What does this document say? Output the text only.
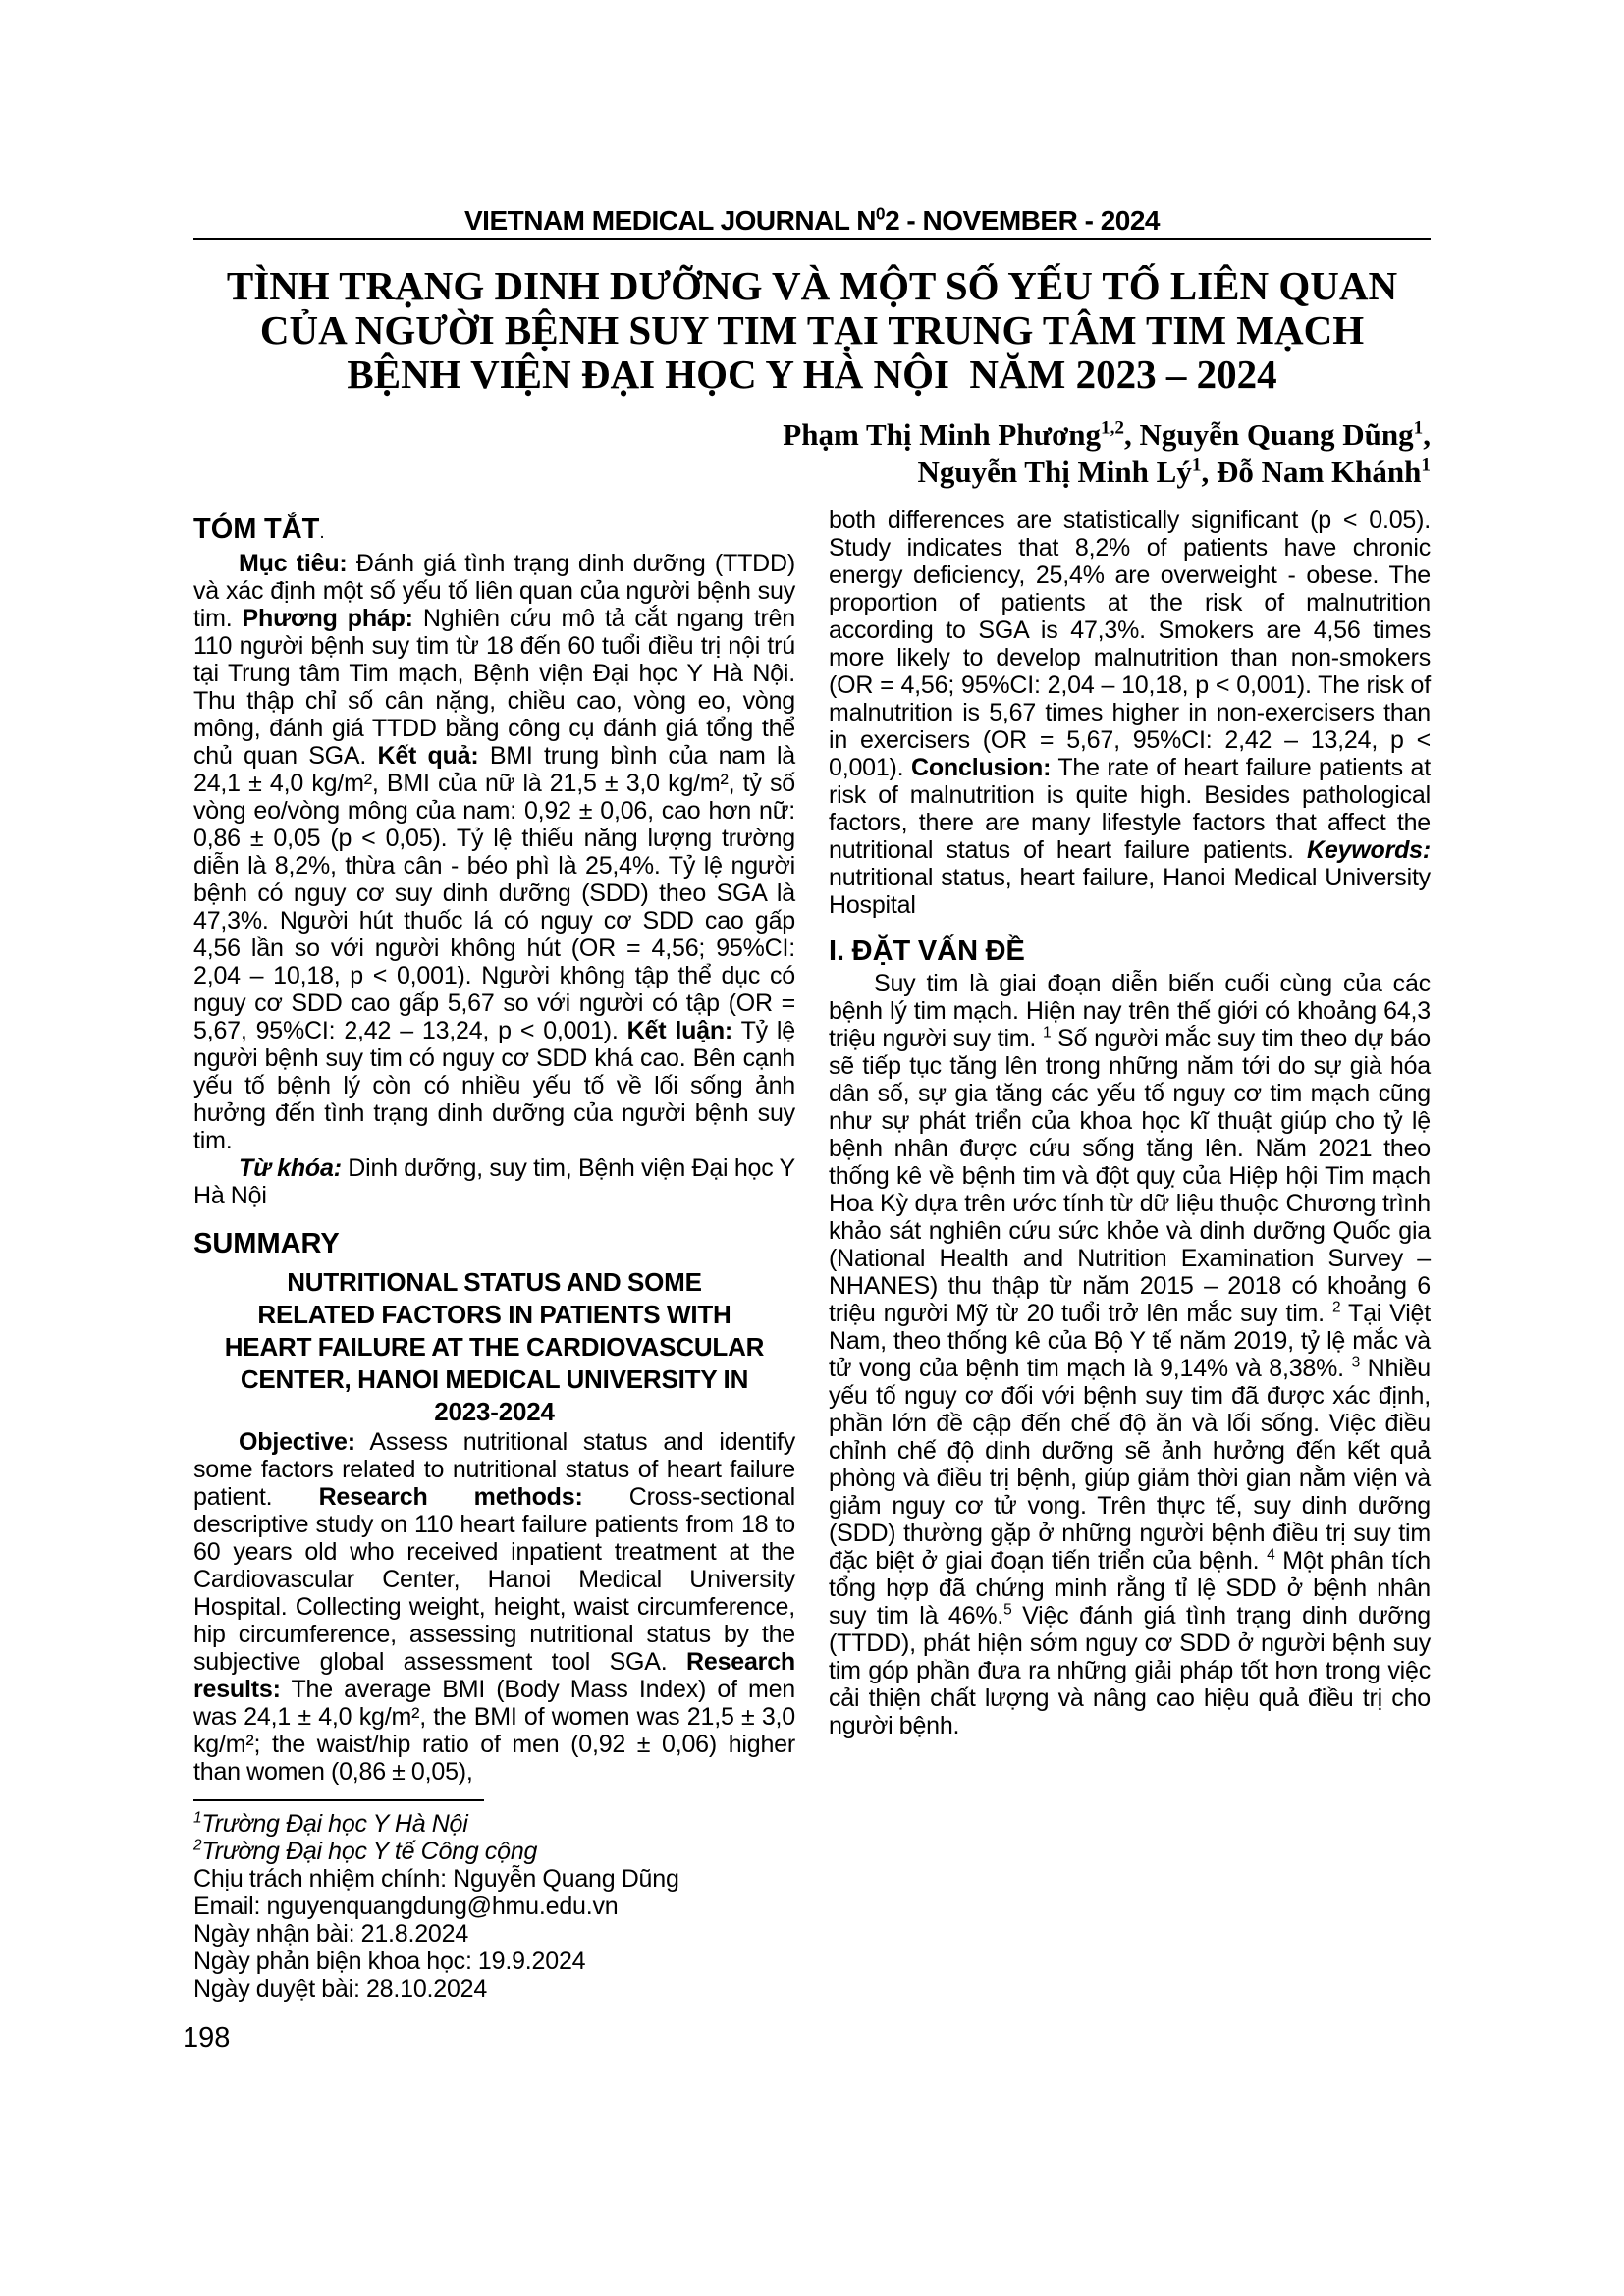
VIETNAM MEDICAL JOURNAL $N^02$ - NOVEMBER - 2024
TÌNH TRẠNG DINH DƯỠNG VÀ MỘT SỐ YẾU TỐ LIÊN QUAN
CỦA NGƯỜI BỆNH SUY TIM TẠI TRUNG TÂM TIM MẠCH
BỆNH VIỆN ĐẠI HỌC Y HÀ NỘI  NĂM 2023 – 2024
Phạm Thị Minh Phương$^{1,2}$, Nguyễn Quang Dũng$^1$,
Nguyễn Thị Minh $Lý^1$, Đỗ Nam Khánh$^1$
TÓM TẮT.

Mục tiêu: Đánh giá tình trạng dinh dưỡng (TTDD) và xác định một số yếu tố liên quan của người bệnh suy tim. Phương pháp: Nghiên cứu mô tả cắt ngang trên 110 người bệnh suy tim từ 18 đến 60 tuổi điều trị nội trú tại Trung tâm Tim mạch, Bệnh viện Đại học Y Hà Nội. Thu thập chỉ số cân nặng, chiều cao, vòng eo, vòng mông, đánh giá TTDD bằng công cụ đánh giá tổng thể chủ quan SGA. Kết quả: BMI trung bình của nam là 24,1 ± 4,0 kg/m², BMI của nữ là 21,5 ± 3,0 kg/m², tỷ số vòng eo/vòng mông của nam: 0,92 ± 0,06, cao hơn nữ: 0,86 ± 0,05 (p < 0,05). Tỷ lệ thiếu năng lượng trường diễn là 8,2%, thừa cân - béo phì là 25,4%. Tỷ lệ người bệnh có nguy cơ suy dinh dưỡng (SDD) theo SGA là 47,3%. Người hút thuốc lá có nguy cơ SDD cao gấp 4,56 lần so với người không hút (OR = 4,56; 95%CI: 2,04 – 10,18, p < 0,001). Người không tập thể dục có nguy cơ SDD cao gấp 5,67 so với người có tập (OR = 5,67, 95%CI: 2,42 – 13,24, p < 0,001). Kết luận: Tỷ lệ người bệnh suy tim có nguy cơ SDD khá cao. Bên cạnh yếu tố bệnh lý còn có nhiều yếu tố về lối sống ảnh hưởng đến tình trạng dinh dưỡng của người bệnh suy tim.

Từ khóa: Dinh dưỡng, suy tim, Bệnh viện Đại học Y Hà Nội

SUMMARY

NUTRITIONAL STATUS AND SOME
RELATED FACTORS IN PATIENTS WITH
HEART FAILURE AT THE CARDIOVASCULAR
CENTER, HANOI MEDICAL UNIVERSITY IN
2023-2024

Objective: Assess nutritional status and identify some factors related to nutritional status of heart failure patient. Research methods: Cross-sectional descriptive study on 110 heart failure patients from 18 to 60 years old who received inpatient treatment at the Cardiovascular Center, Hanoi Medical University Hospital. Collecting weight, height, waist circumference, hip circumference, assessing nutritional status by the subjective global assessment tool SGA. Research results: The average BMI (Body Mass Index) of men was 24,1 ± 4,0 kg/m², the BMI of women was 21,5 ± 3,0 kg/m²; the waist/hip ratio of men (0,92 ± 0,06) higher than women (0,86 ± 0,05),

$^1$Trường Đại học Y Hà Nội

$^2$Trường Đại học Y tế Công cộng

Chịu trách nhiệm chính: Nguyễn Quang Dũng

Email: nguyenquangdung@hmu.edu.vn

Ngày nhận bài: 21.8.2024

Ngày phản biện khoa học: 19.9.2024

Ngày duyệt bài: 28.10.2024

both differences are statistically significant (p < 0.05). Study indicates that 8,2% of patients have chronic energy deficiency, 25,4% are overweight - obese. The proportion of patients at the risk of malnutrition according to SGA is 47,3%. Smokers are 4,56 times more likely to develop malnutrition than non-smokers (OR = 4,56; 95%CI: 2,04 – 10,18, p < 0,001). The risk of malnutrition is 5,67 times higher in non-exercisers than in exercisers (OR = 5,67, 95%CI: 2,42 – 13,24, p < 0,001). Conclusion: The rate of heart failure patients at risk of malnutrition is quite high. Besides pathological factors, there are many lifestyle factors that affect the nutritional status of heart failure patients. Keywords: nutritional status, heart failure, Hanoi Medical University Hospital

I. ĐẶT VẤN ĐỀ

Suy tim là giai đoạn diễn biến cuối cùng của các bệnh lý tim mạch. Hiện nay trên thế giới có khoảng 64,3 triệu người suy tim. $^1$ Số người mắc suy tim theo dự báo sẽ tiếp tục tăng lên trong những năm tới do sự già hóa dân số, sự gia tăng các yếu tố nguy cơ tim mạch cũng như sự phát triển của khoa học kĩ thuật giúp cho tỷ lệ bệnh nhân được cứu sống tăng lên. Năm 2021 theo thống kê về bệnh tim và đột quỵ của Hiệp hội Tim mạch Hoa Kỳ dựa trên ước tính từ dữ liệu thuộc Chương trình khảo sát nghiên cứu sức khỏe và dinh dưỡng Quốc gia (National Health and Nutrition Examination Survey – NHANES) thu thập từ năm 2015 – 2018 có khoảng 6 triệu người Mỹ từ 20 tuổi trở lên mắc suy tim. $^2$ Tại Việt Nam, theo thống kê của Bộ Y tế năm 2019, tỷ lệ mắc và tử vong của bệnh tim mạch là 9,14% và 8,38%. $^3$ Nhiều yếu tố nguy cơ đối với bệnh suy tim đã được xác định, phần lớn đề cập đến chế độ ăn và lối sống. Việc điều chỉnh chế độ dinh dưỡng sẽ ảnh hưởng đến kết quả phòng và điều trị bệnh, giúp giảm thời gian nằm viện và giảm nguy cơ tử vong. Trên thực tế, suy dinh dưỡng (SDD) thường gặp ở những người bệnh điều trị suy tim đặc biệt ở giai đoạn tiến triển của bệnh. $^4$ Một phân tích tổng hợp đã chứng minh rằng tỉ lệ SDD ở bệnh nhân suy tim là 46%.$^5$ Việc đánh giá tình trạng dinh dưỡng (TTDD), phát hiện sớm nguy cơ SDD ở người bệnh suy tim góp phần đưa ra những giải pháp tốt hơn trong việc cải thiện chất lượng và nâng cao hiệu quả điều trị cho người bệnh.

198
